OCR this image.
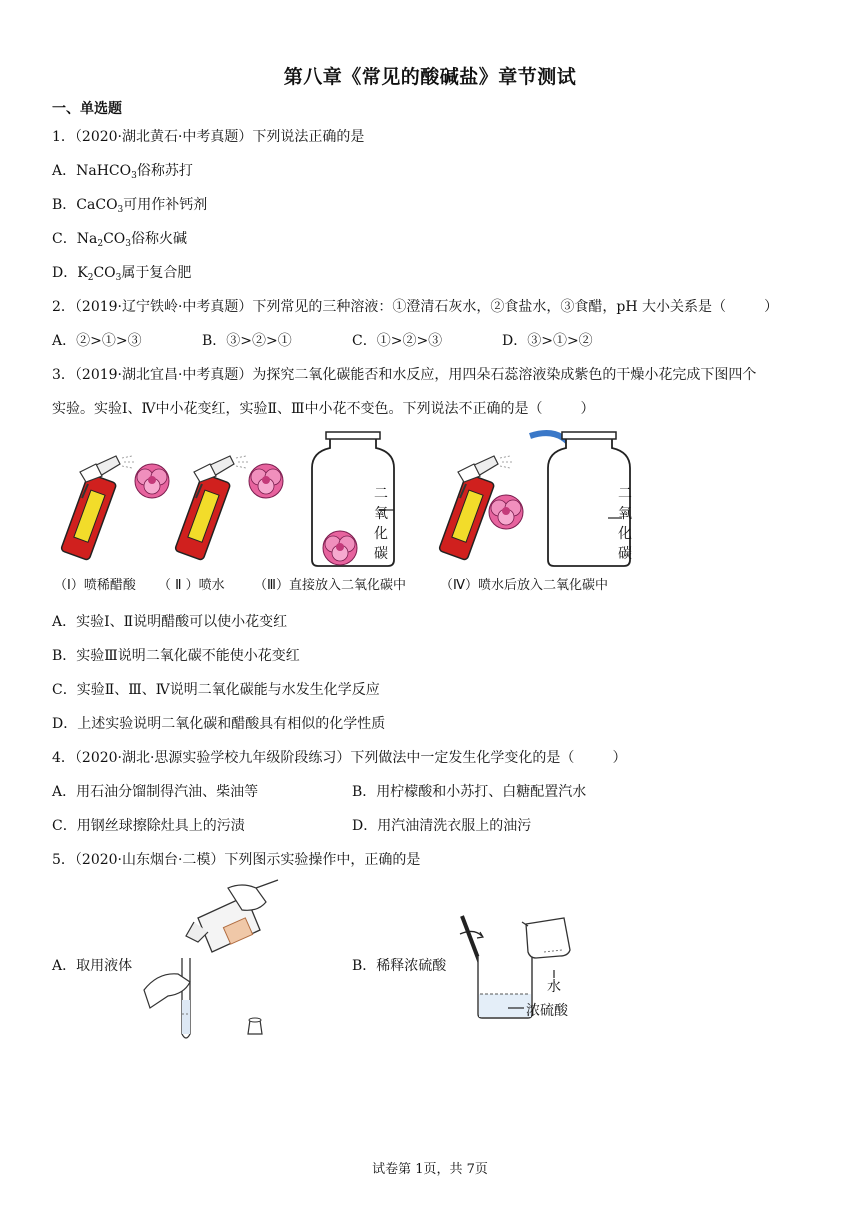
第八章《常见的酸碱盐》章节测试
一、单选题
1．（2020·湖北黄石·中考真题）下列说法正确的是
A．NaHCO$_3$俗称苏打
B．CaCO$_3$可用作补钙剂
C．$Na_2CO_3$俗称火碱
D．$K_2CO_3$属于复合肥
2．（2019·辽宁铁岭·中考真题）下列常见的三种溶液：①澄清石灰水，②食盐水，③食醋，pH 大小关系是（	）
A．②>①>③	B．③>②>①	C．①>②>③	D．③>①>②
3．（2019·湖北宜昌·中考真题）为探究二氧化碳能否和水反应，用四朵石蕊溶液染成紫色的干燥小花完成下图四个
实验。实验Ⅰ、Ⅳ中小花变红，实验Ⅱ、Ⅲ中小花不变色。下列说法不正确的是（	）
二
氧
化
碳
二
氧
化
碳
（Ⅰ）喷稀醋酸 （ Ⅱ ）喷水 （Ⅲ）直接放入二氧化碳中	（Ⅳ）喷水后放入二氧化碳中
A．实验Ⅰ、Ⅱ说明醋酸可以使小花变红
B．实验Ⅲ说明二氧化碳不能使小花变红
C．实验Ⅱ、Ⅲ、Ⅳ说明二氧化碳能与水发生化学反应
D．上述实验说明二氧化碳和醋酸具有相似的化学性质
4．（2020·湖北·思源实验学校九年级阶段练习）下列做法中一定发生化学变化的是（	）
A．用石油分馏制得汽油、柴油等	B．用柠檬酸和小苏打、白糖配置汽水
C．用钢丝球擦除灶具上的污渍	D．用汽油清洗衣服上的油污
5．（2020·山东烟台·二模）下列图示实验操作中，正确的是
A．取用液体	B．稀释浓硫酸
水
浓硫酸
试卷第 1页，共 7页
